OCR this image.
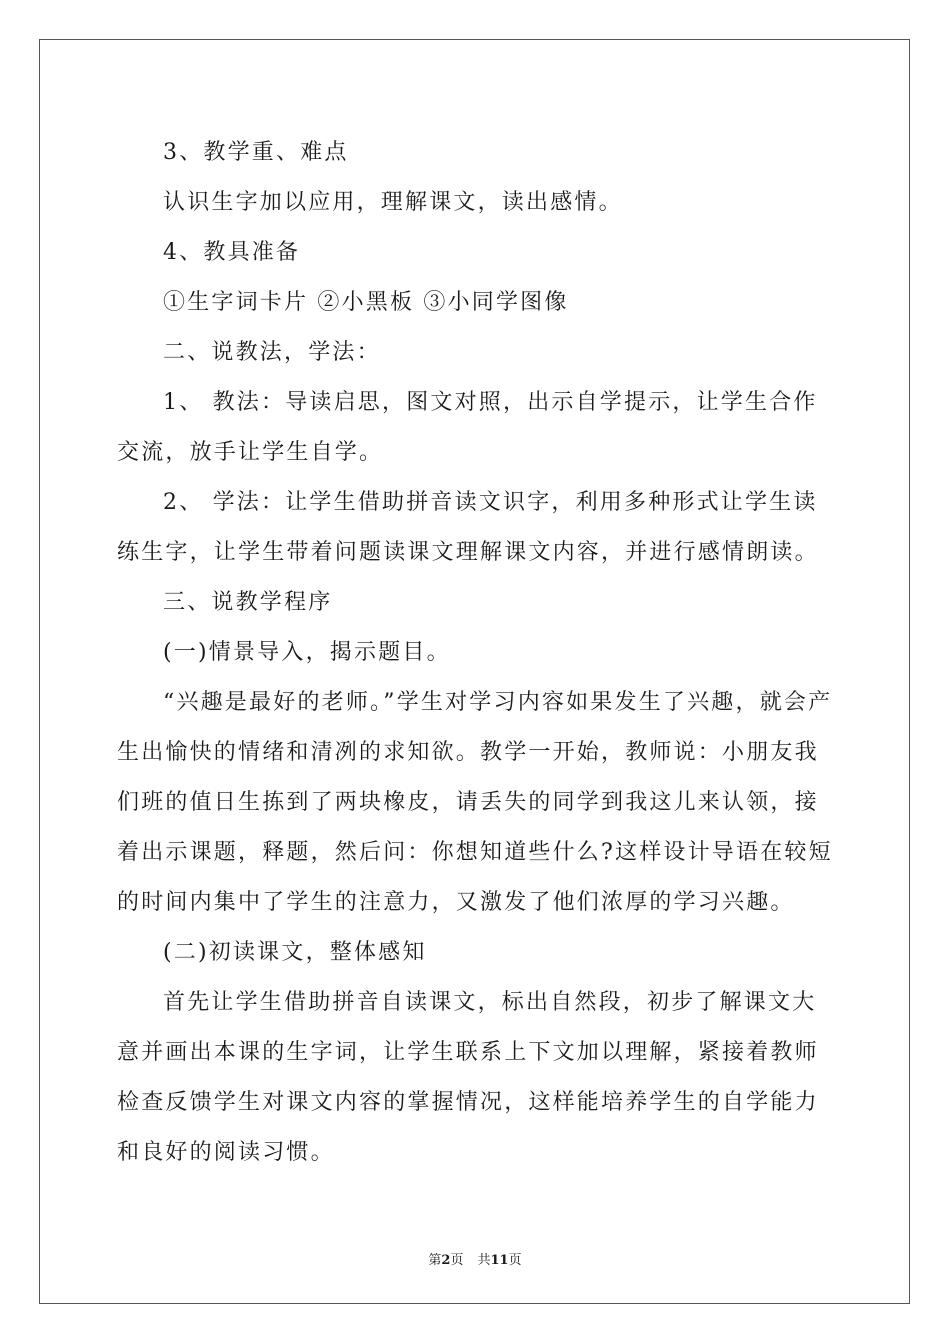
3、教学重、难点

认识生字加以应用，理解课文，读出感情。

4、教具准备

①生字词卡片 ②小黑板 ③小同学图像

二、说教法，学法：

1、 教法：导读启思，图文对照，出示自学提示，让学生合作交流，放手让学生自学。

2、 学法：让学生借助拼音读文识字，利用多种形式让学生读练生字，让学生带着问题读课文理解课文内容，并进行感情朗读。

三、说教学程序

(一)情景导入，揭示题目。

“兴趣是最好的老师。”学生对学习内容如果发生了兴趣，就会产生出愉快的情绪和清冽的求知欲。教学一开始，教师说：小朋友我们班的值日生拣到了两块橡皮，请丢失的同学到我这儿来认领，接着出示课题，释题，然后问：你想知道些什么?这样设计导语在较短的时间内集中了学生的注意力，又激发了他们浓厚的学习兴趣。

(二)初读课文，整体感知

首先让学生借助拼音自读课文，标出自然段，初步了解课文大意并画出本课的生字词，让学生联系上下文加以理解，紧接着教师检查反馈学生对课文内容的掌握情况，这样能培养学生的自学能力和良好的阅读习惯。

第2页 共11页
